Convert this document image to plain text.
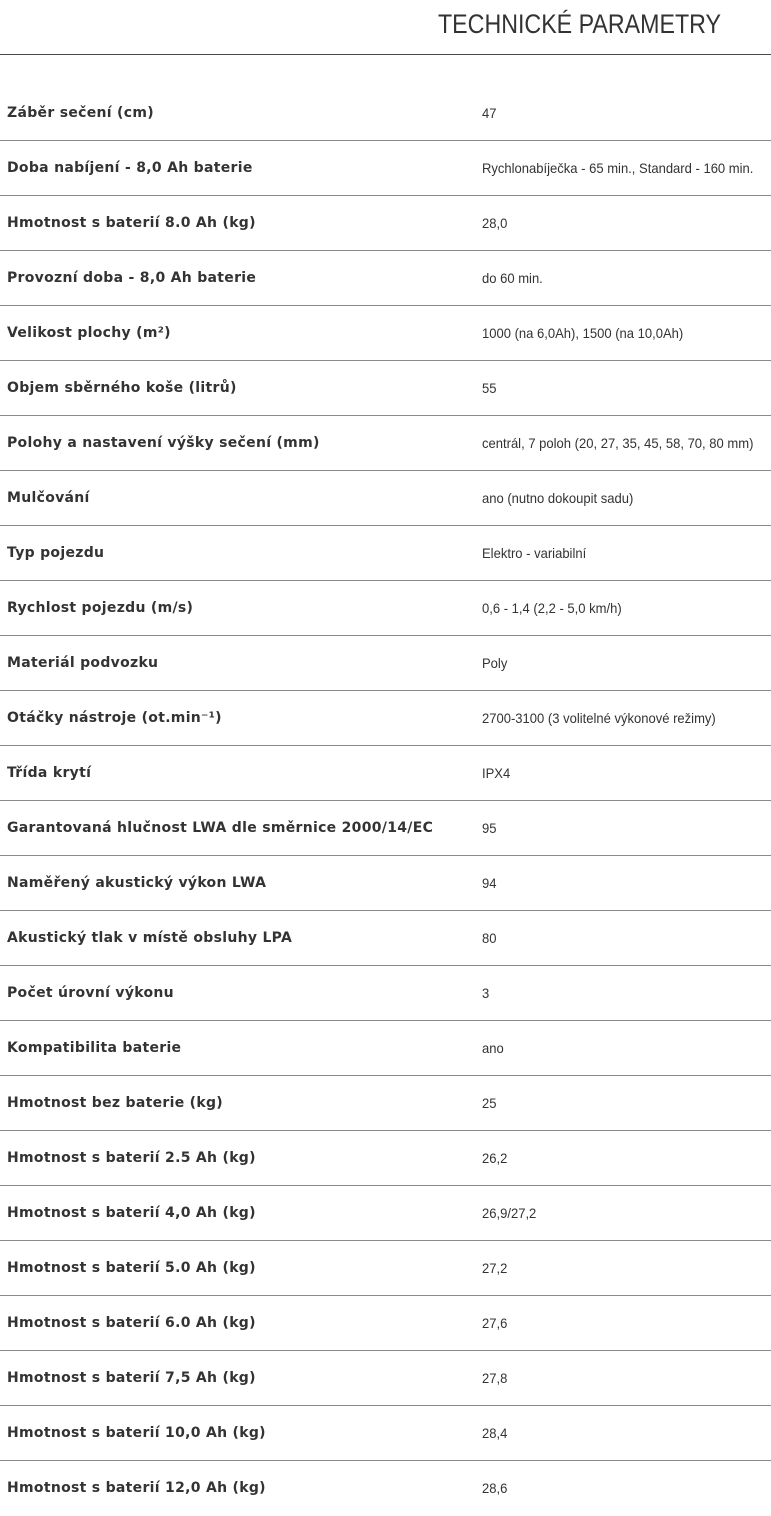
TECHNICKÉ PARAMETRY
Záběr sečení (cm)	47
Doba nabíjení - 8,0 Ah baterie	Rychlonabíječka - 65 min., Standard - 160 min.
Hmotnost s baterií 8.0 Ah (kg)	28,0
Provozní doba - 8,0 Ah baterie	do 60 min.
Velikost plochy (m²)	1000 (na 6,0Ah), 1500 (na 10,0Ah)
Objem sběrného koše (litrů)	55
Polohy a nastavení výšky sečení (mm)	centrál, 7 poloh (20, 27, 35, 45, 58, 70, 80 mm)
Mulčování	ano (nutno dokoupit sadu)
Typ pojezdu	Elektro - variabilní
Rychlost pojezdu (m/s)	0,6 - 1,4 (2,2 - 5,0 km/h)
Materiál podvozku	Poly
Otáčky nástroje (ot.min⁻¹)	2700-3100 (3 volitelné výkonové režimy)
Třída krytí	IPX4
Garantovaná hlučnost LWA dle směrnice 2000/14/EC	95
Naměřený akustický výkon LWA	94
Akustický tlak v místě obsluhy LPA	80
Počet úrovní výkonu	3
Kompatibilita baterie	ano
Hmotnost bez baterie (kg)	25
Hmotnost s baterií 2.5 Ah (kg)	26,2
Hmotnost s baterií 4,0 Ah (kg)	26,9/27,2
Hmotnost s baterií 5.0 Ah (kg)	27,2
Hmotnost s baterií 6.0 Ah (kg)	27,6
Hmotnost s baterií 7,5 Ah (kg)	27,8
Hmotnost s baterií 10,0 Ah (kg)	28,4
Hmotnost s baterií 12,0 Ah (kg)	28,6
